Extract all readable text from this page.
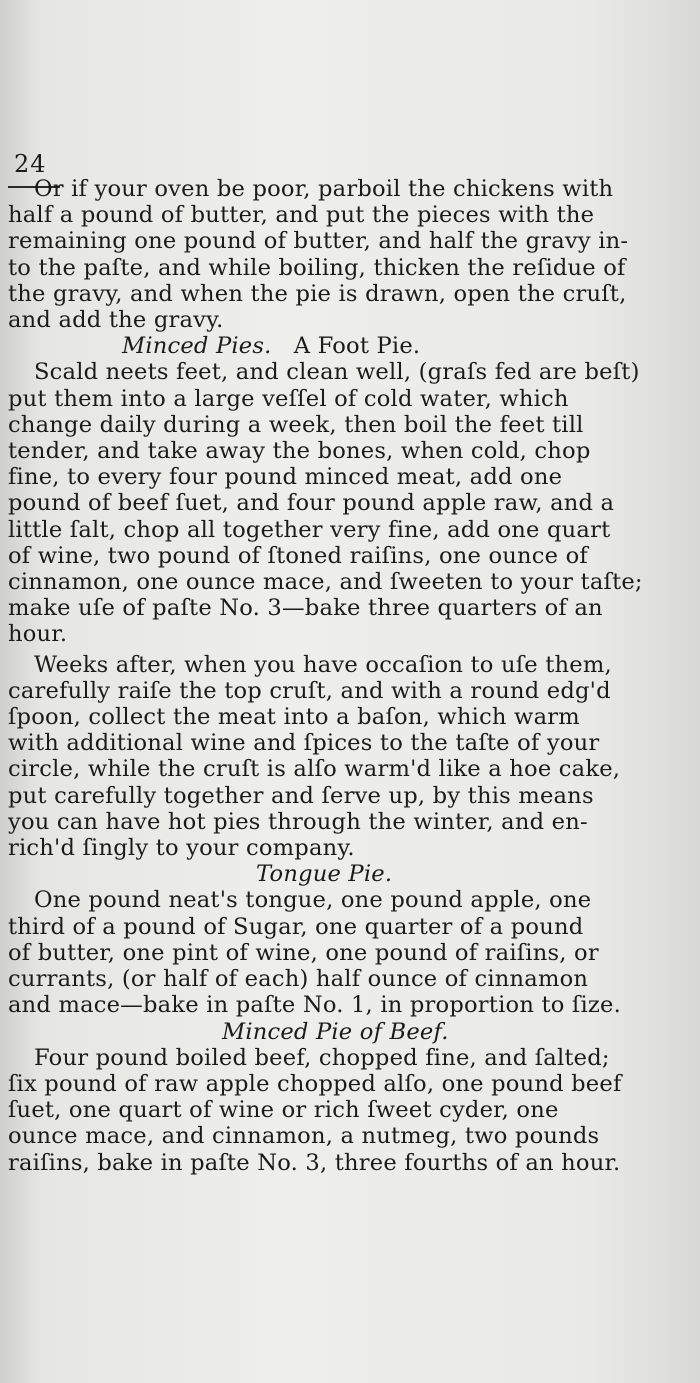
24
Or if your oven be poor, parboil the chickens with
half a pound of butter, and put the pieces with the
remaining one pound of butter, and half the gravy in-
to the paſte, and while boiling, thicken the reſidue of
the gravy, and when the pie is drawn, open the cruſt,
and add the gravy.
Minced Pies. A Foot Pie.
Scald neets feet, and clean well, (graſs fed are beſt)
put them into a large veſſel of cold water, which
change daily during a week, then boil the feet till
tender, and take away the bones, when cold, chop
fine, to every four pound minced meat, add one
pound of beef ſuet, and four pound apple raw, and a
little ſalt, chop all together very fine, add one quart
of wine, two pound of ſtoned raiſins, one ounce of
cinnamon, one ounce mace, and ſweeten to your taſte;
make uſe of paſte No. 3—bake three quarters of an
hour.
Weeks after, when you have occaſion to uſe them,
carefully raiſe the top cruſt, and with a round edg'd
ſpoon, collect the meat into a baſon, which warm
with additional wine and ſpices to the taſte of your
circle, while the cruſt is alſo warm'd like a hoe cake,
put carefully together and ſerve up, by this means
you can have hot pies through the winter, and en-
rich'd ſingly to your company.
Tongue Pie.
One pound neat's tongue, one pound apple, one
third of a pound of Sugar, one quarter of a pound
of butter, one pint of wine, one pound of raiſins, or
currants, (or half of each) half ounce of cinnamon
and mace—bake in paſte No. 1, in proportion to ſize.
Minced Pie of Beef.
Four pound boiled beef, chopped fine, and ſalted;
ſix pound of raw apple chopped alſo, one pound beef
ſuet, one quart of wine or rich ſweet cyder, one
ounce mace, and cinnamon, a nutmeg, two pounds
raiſins, bake in paſte No. 3, three fourths of an hour.
